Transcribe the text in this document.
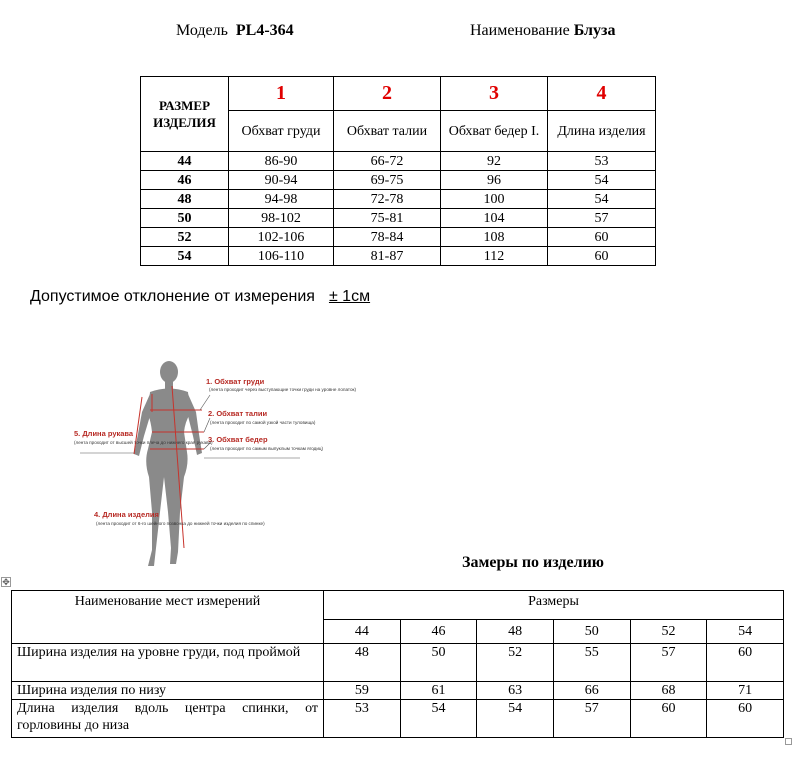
Модель PL4-364	Наименование Блуза
РАЗМЕР ИЗДЕЛИЯ	1	2	3	4
	Обхват груди	Обхват талии	Обхват бедер I.	Длина изделия
44	86-90	66-72	92	53
46	90-94	69-75	96	54
48	94-98	72-78	100	54
50	98-102	75-81	104	57
52	102-106	78-84	108	60
54	106-110	81-87	112	60
Допустимое отклонение от измерения ± 1см
1. Обхват груди
(лента проходит через выступающие точки груди на уровне лопаток)
2. Обхват талии
(лента проходит по самой узкой части туловища)
3. Обхват бедер
(лента проходит по самым выпуклым точкам ягодиц)
5. Длина рукава
(лента проходит от высшей точки плеча до нижнего края рукава)
4. Длина изделия
(лента проходит от 6-го шейного позвонка до нижней точки изделия по спинке)
Замеры по изделию
✥
Наименование мест измерений	Размеры					
	44	46	48	50	52	54
Ширина изделия на уровне груди, под проймой	48	50	52	55	57	60
Ширина изделия по низу	59	61	63	66	68	71
Длина изделия вдоль центра спинки, от горловины до низа	53	54	54	57	60	60
